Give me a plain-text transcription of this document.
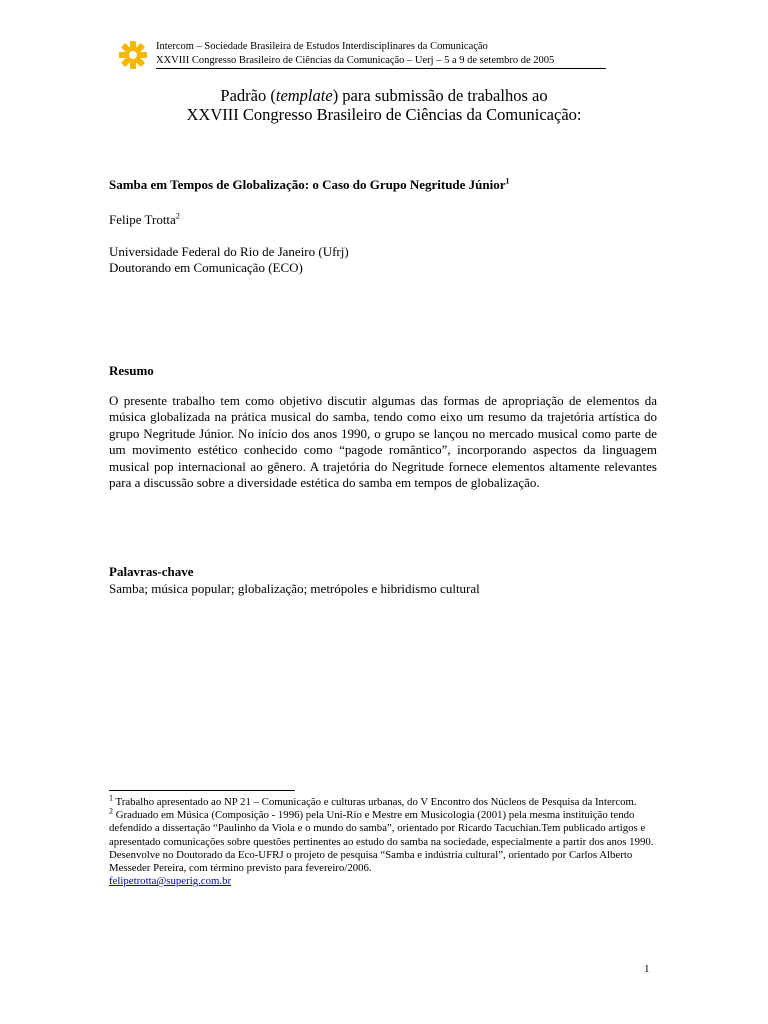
Intercom – Sociedade Brasileira de Estudos Interdisciplinares da Comunicação
XXVIII Congresso Brasileiro de Ciências da Comunicação – Uerj – 5 a 9 de setembro de 2005
Padrão (template) para submissão de trabalhos ao
XXVIII Congresso Brasileiro de Ciências da Comunicação:
Samba em Tempos de Globalização: o Caso do Grupo Negritude Júnior$^1$
Felipe Trotta$^2$
Universidade Federal do Rio de Janeiro (Ufrj)
Doutorando em Comunicação (ECO)
Resumo
O presente trabalho tem como objetivo discutir algumas das formas de apropriação de elementos da música globalizada na prática musical do samba, tendo como eixo um resumo da trajetória artística do grupo Negritude Júnior. No início dos anos 1990, o grupo se lançou no mercado musical como parte de um movimento estético conhecido como “pagode romântico”, incorporando aspectos da linguagem musical pop internacional ao gênero. A trajetória do Negritude fornece elementos altamente relevantes para a discussão sobre a diversidade estética do samba em tempos de globalização.
Palavras-chave
Samba; música popular; globalização; metrópoles e hibridismo cultural
$^1$ Trabalho apresentado ao NP 21 – Comunicação e culturas urbanas, do V Encontro dos Núcleos de Pesquisa da Intercom.
$^2$ Graduado em Música (Composição - 1996) pela Uni-Rio e Mestre em Musicologia (2001) pela mesma instituição tendo defendido a dissertação “Paulinho da Viola e o mundo do samba”, orientado por Ricardo Tacuchian.Tem publicado artigos e apresentado comunicações sobre questões pertinentes ao estudo do samba na sociedade, especialmente a partir dos anos 1990. Desenvolve no Doutorado da Eco-UFRJ o projeto de pesquisa “Samba e indústria cultural”, orientado por Carlos Alberto Messeder Pereira, com término previsto para fevereiro/2006.
felipetrotta@superig.com.br
1
